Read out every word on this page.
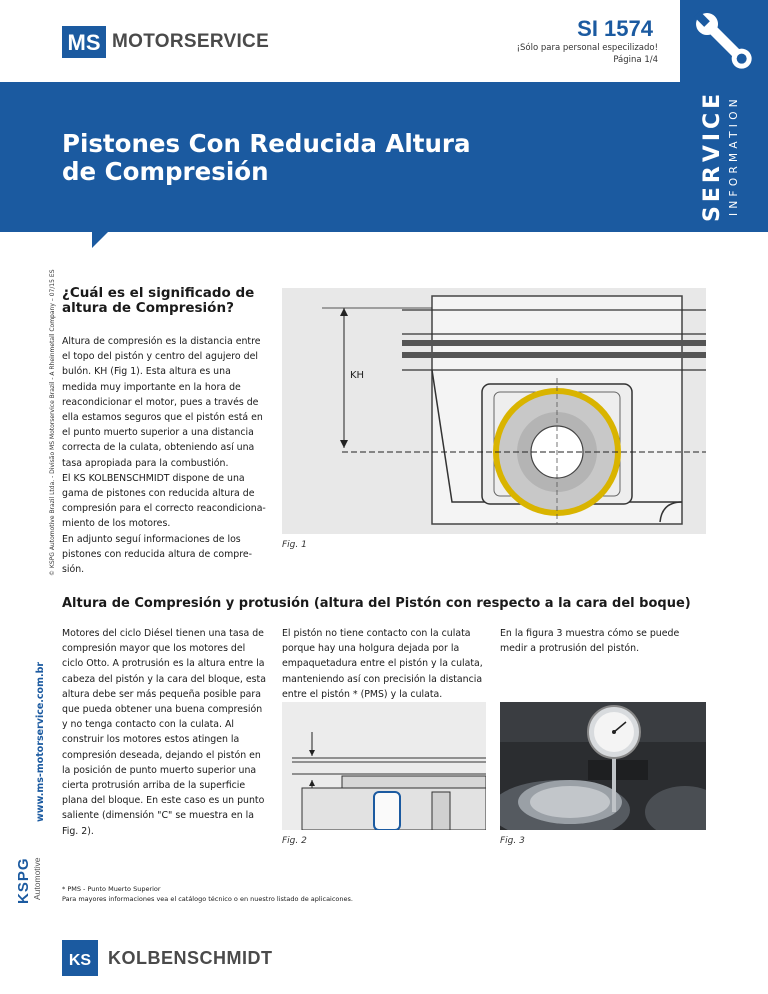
MS MOTORSERVICE
SI 1574
¡Sólo para personal especilizado!
Página 1/4
Pistones Con Reducida Altura
de Compresión	SERVICE INFORMATION
© KSPG Automotive Brazil Ltda. - Divisão MS Motorservice Brazil - A Rheinmetall Company – 07/15 ES
www.ms-motorservice.com.br
KSPG Automotive
¿Cuál es el significado de
altura de Compresión?
Altura de compresión es la distancia entre
el topo del pistón y centro del agujero del
bulón. KH (Fig 1). Esta altura es una
medida muy importante en la hora de
reacondicionar el motor, pues a través de
ella estamos seguros que el pistón está en
el punto muerto superior a una distancia
correcta de la culata, obteniendo así una
tasa apropiada para la combustión.
El KS KOLBENSCHMIDT dispone de una
gama de pistones con reducida altura de
compresión para el correcto reacondiciona-
miento de los motores.
En adjunto seguí informaciones de los
pistones con reducida altura de compre-
sión.
KH
Fig. 1
Altura de Compresión y protusión (altura del Pistón con respecto a la cara del boque)
Motores del ciclo Diésel tienen una tasa de
compresión mayor que los motores del
ciclo Otto. A protrusión es la altura entre la
cabeza del pistón y la cara del bloque, esta
altura debe ser más pequeña posible para
que pueda obtener una buena compresión
y no tenga contacto con la culata. Al
construir los motores estos atingen la
compresión deseada, dejando el pistón en
la posición de punto muerto superior una
cierta protrusión arriba de la superficie
plana del bloque. En este caso es un punto
saliente (dimensión "C" se muestra en la
Fig. 2).
El pistón no tiene contacto con la culata
porque hay una holgura dejada por la
empaquetadura entre el pistón y la culata,
manteniendo así con precisión la distancia
entre el pistón * (PMS) y la culata.
En la figura 3 muestra cómo se puede
medir a protrusión del pistón.
Fig. 2	Fig. 3
* PMS - Punto Muerto Superior
Para mayores informaciones vea el catálogo técnico o en nuestro listado de aplicaicones.
KS KOLBENSCHMIDT
